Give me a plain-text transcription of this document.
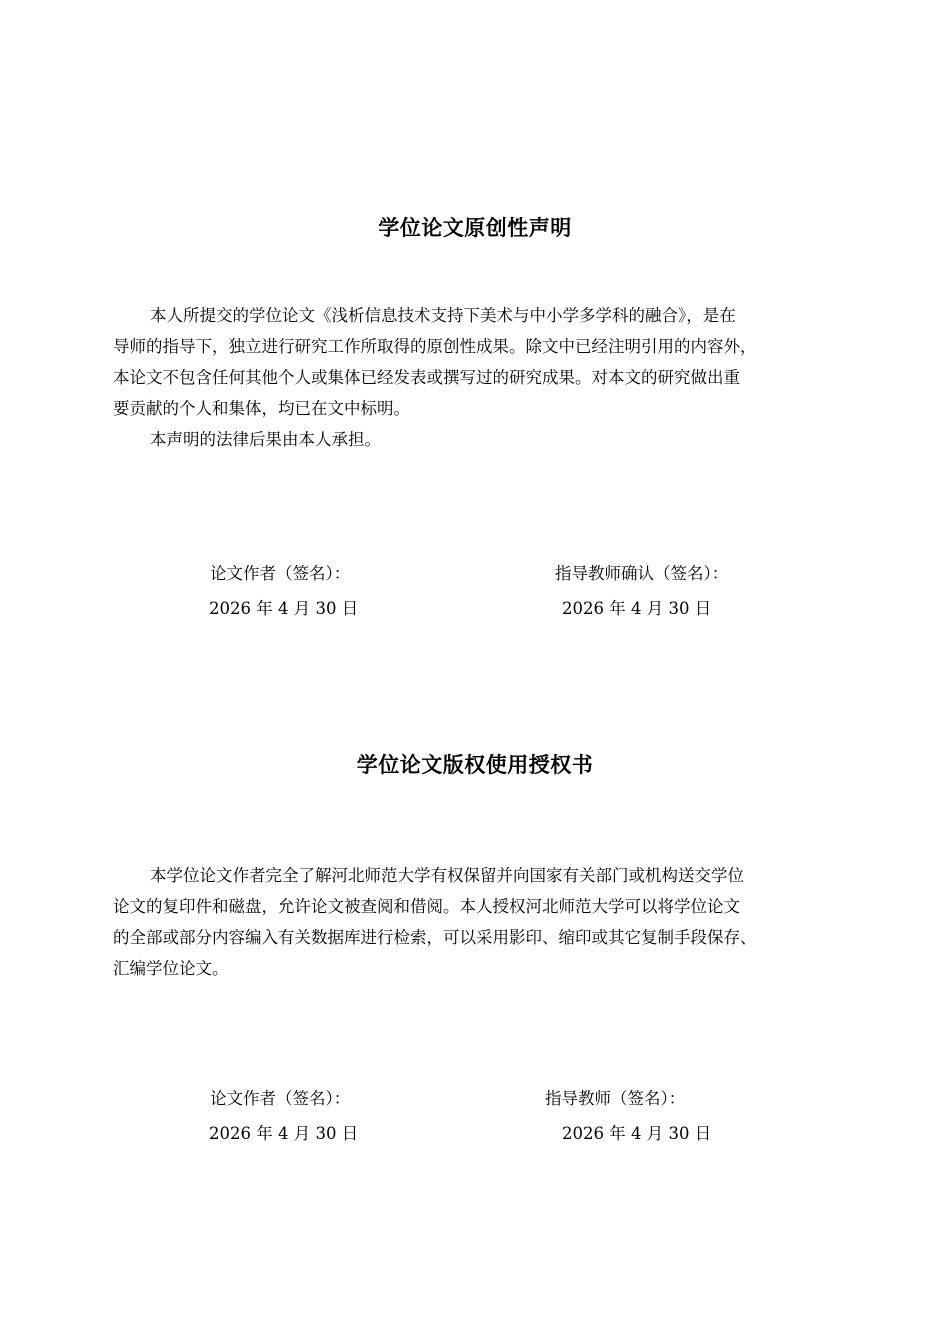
学位论文原创性声明
本人所提交的学位论文《浅析信息技术支持下美术与中小学多学科的融合》，是在
导师的指导下，独立进行研究工作所取得的原创性成果。除文中已经注明引用的内容外，
本论文不包含任何其他个人或集体已经发表或撰写过的研究成果。对本文的研究做出重
要贡献的个人和集体，均已在文中标明。
本声明的法律后果由本人承担。

论文作者（签名）：	指导教师确认（签名）：

2026 年 4 月 30 日	2026 年 4 月 30 日

学位论文版权使用授权书
本学位论文作者完全了解河北师范大学有权保留并向国家有关部门或机构送交学位
论文的复印件和磁盘，允许论文被查阅和借阅。本人授权河北师范大学可以将学位论文
的全部或部分内容编入有关数据库进行检索，可以采用影印、缩印或其它复制手段保存、
汇编学位论文。

论文作者（签名）：	指导教师（签名）：

2026 年 4 月 30 日	2026 年 4 月 30 日
